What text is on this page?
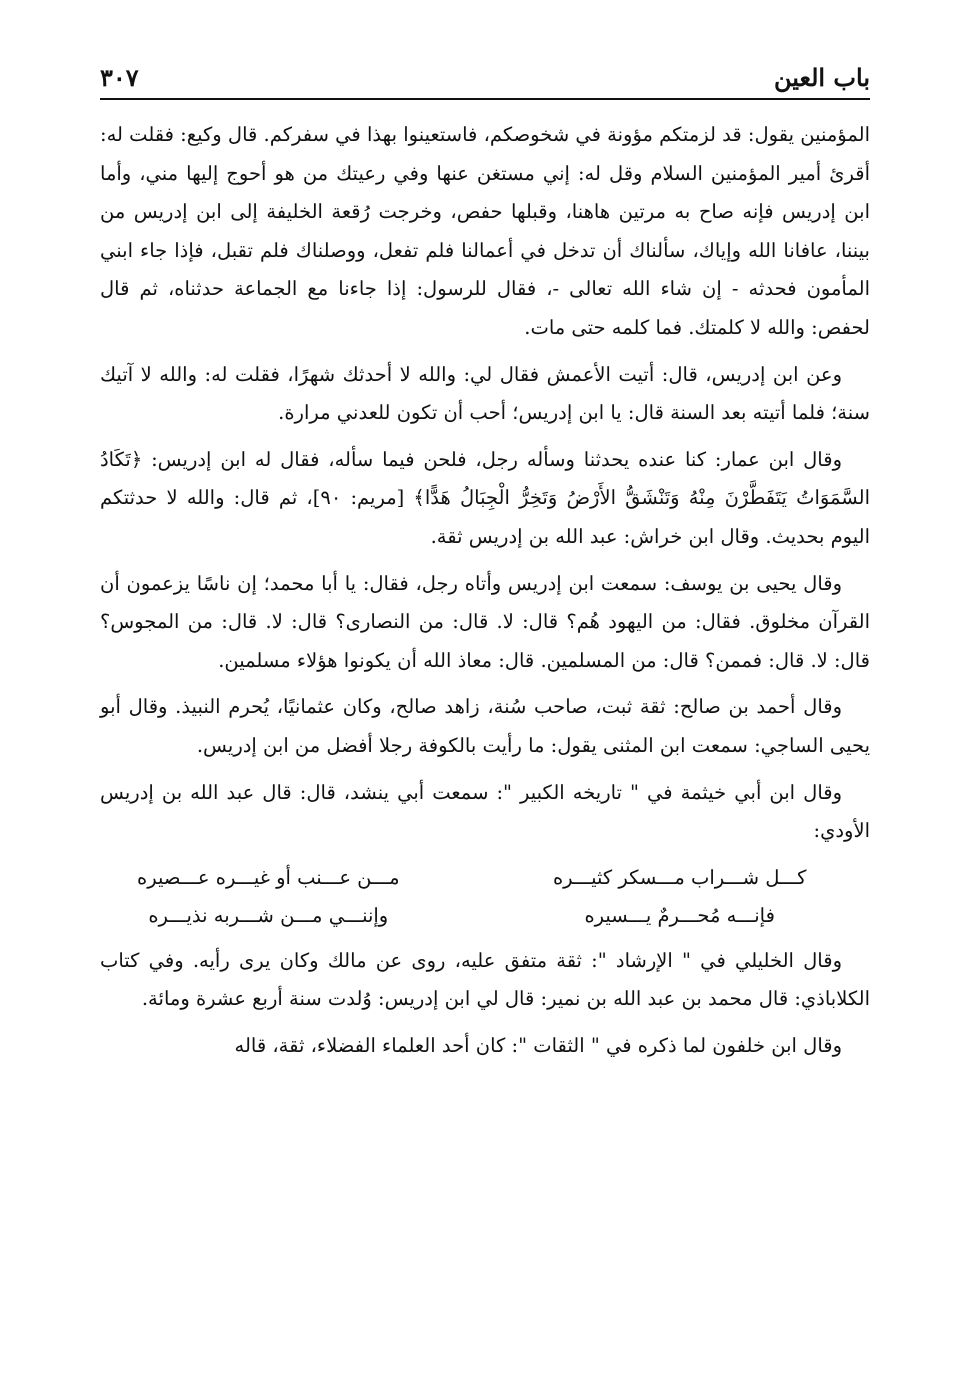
باب العين
٣٠٧

المؤمنين يقول: قد لزمتكم مؤونة في شخوصكم، فاستعينوا بهذا في سفركم. قال وكيع: فقلت له: أقرئ أمير المؤمنين السلام وقل له: إني مستغن عنها وفي رعيتك من هو أحوج إليها مني، وأما ابن إدريس فإنه صاح به مرتين هاهنا، وقبلها حفص، وخرجت رُقعة الخليفة إلى ابن إدريس من بيننا، عافانا الله وإياك، سألناك أن تدخل في أعمالنا فلم تفعل، ووصلناك فلم تقبل، فإذا جاء ابني المأمون فحدثه - إن شاء الله تعالى -، فقال للرسول: إذا جاءنا مع الجماعة حدثناه، ثم قال لحفص: والله لا كلمتك. فما كلمه حتى مات.

وعن ابن إدريس، قال: أتيت الأعمش فقال لي: والله لا أحدثك شهرًا، فقلت له: والله لا آتيك سنة؛ فلما أتيته بعد السنة قال: يا ابن إدريس؛ أحب أن تكون للعدني مرارة.

وقال ابن عمار: كنا عنده يحدثنا وسأله رجل، فلحن فيما سأله، فقال له ابن إدريس: ﴿تَكَادُ السَّمَوَاتُ يَتَفَطَّرْنَ مِنْهُ وَتَنْشَقُّ الأَرْضُ وَتَخِرُّ الْجِبَالُ هَدًّا﴾ [مريم: ٩٠]، ثم قال: والله لا حدثتكم اليوم بحديث. وقال ابن خراش: عبد الله بن إدريس ثقة.

وقال يحيى بن يوسف: سمعت ابن إدريس وأتاه رجل، فقال: يا أبا محمد؛ إن ناسًا يزعمون أن القرآن مخلوق. فقال: من اليهود هُم؟ قال: لا. قال: من النصارى؟ قال: لا. قال: من المجوس؟ قال: لا. قال: فممن؟ قال: من المسلمين. قال: معاذ الله أن يكونوا هؤلاء مسلمين.

وقال أحمد بن صالح: ثقة ثبت، صاحب سُنة، زاهد صالح، وكان عثمانيًا، يُحرم النبيذ. وقال أبو يحيى الساجي: سمعت ابن المثنى يقول: ما رأيت بالكوفة رجلا أفضل من ابن إدريس.

وقال ابن أبي خيثمة في " تاريخه الكبير ": سمعت أبي ينشد، قال: قال عبد الله بن إدريس الأودي:

كـــل شـــراب مـــسكر كثيـــره
مـــن عـــنب أو غيـــره عـــصيره
فإنـــه مُحـــرمٌ يـــسيره
وإننـــي مـــن شـــربه نذيـــره

وقال الخليلي في " الإرشاد ": ثقة متفق عليه، روى عن مالك وكان يرى رأيه. وفي كتاب الكلاباذي: قال محمد بن عبد الله بن نمير: قال لي ابن إدريس: وُلدت سنة أربع عشرة ومائة.

وقال ابن خلفون لما ذكره في " الثقات ": كان أحد العلماء الفضلاء، ثقة، قاله
